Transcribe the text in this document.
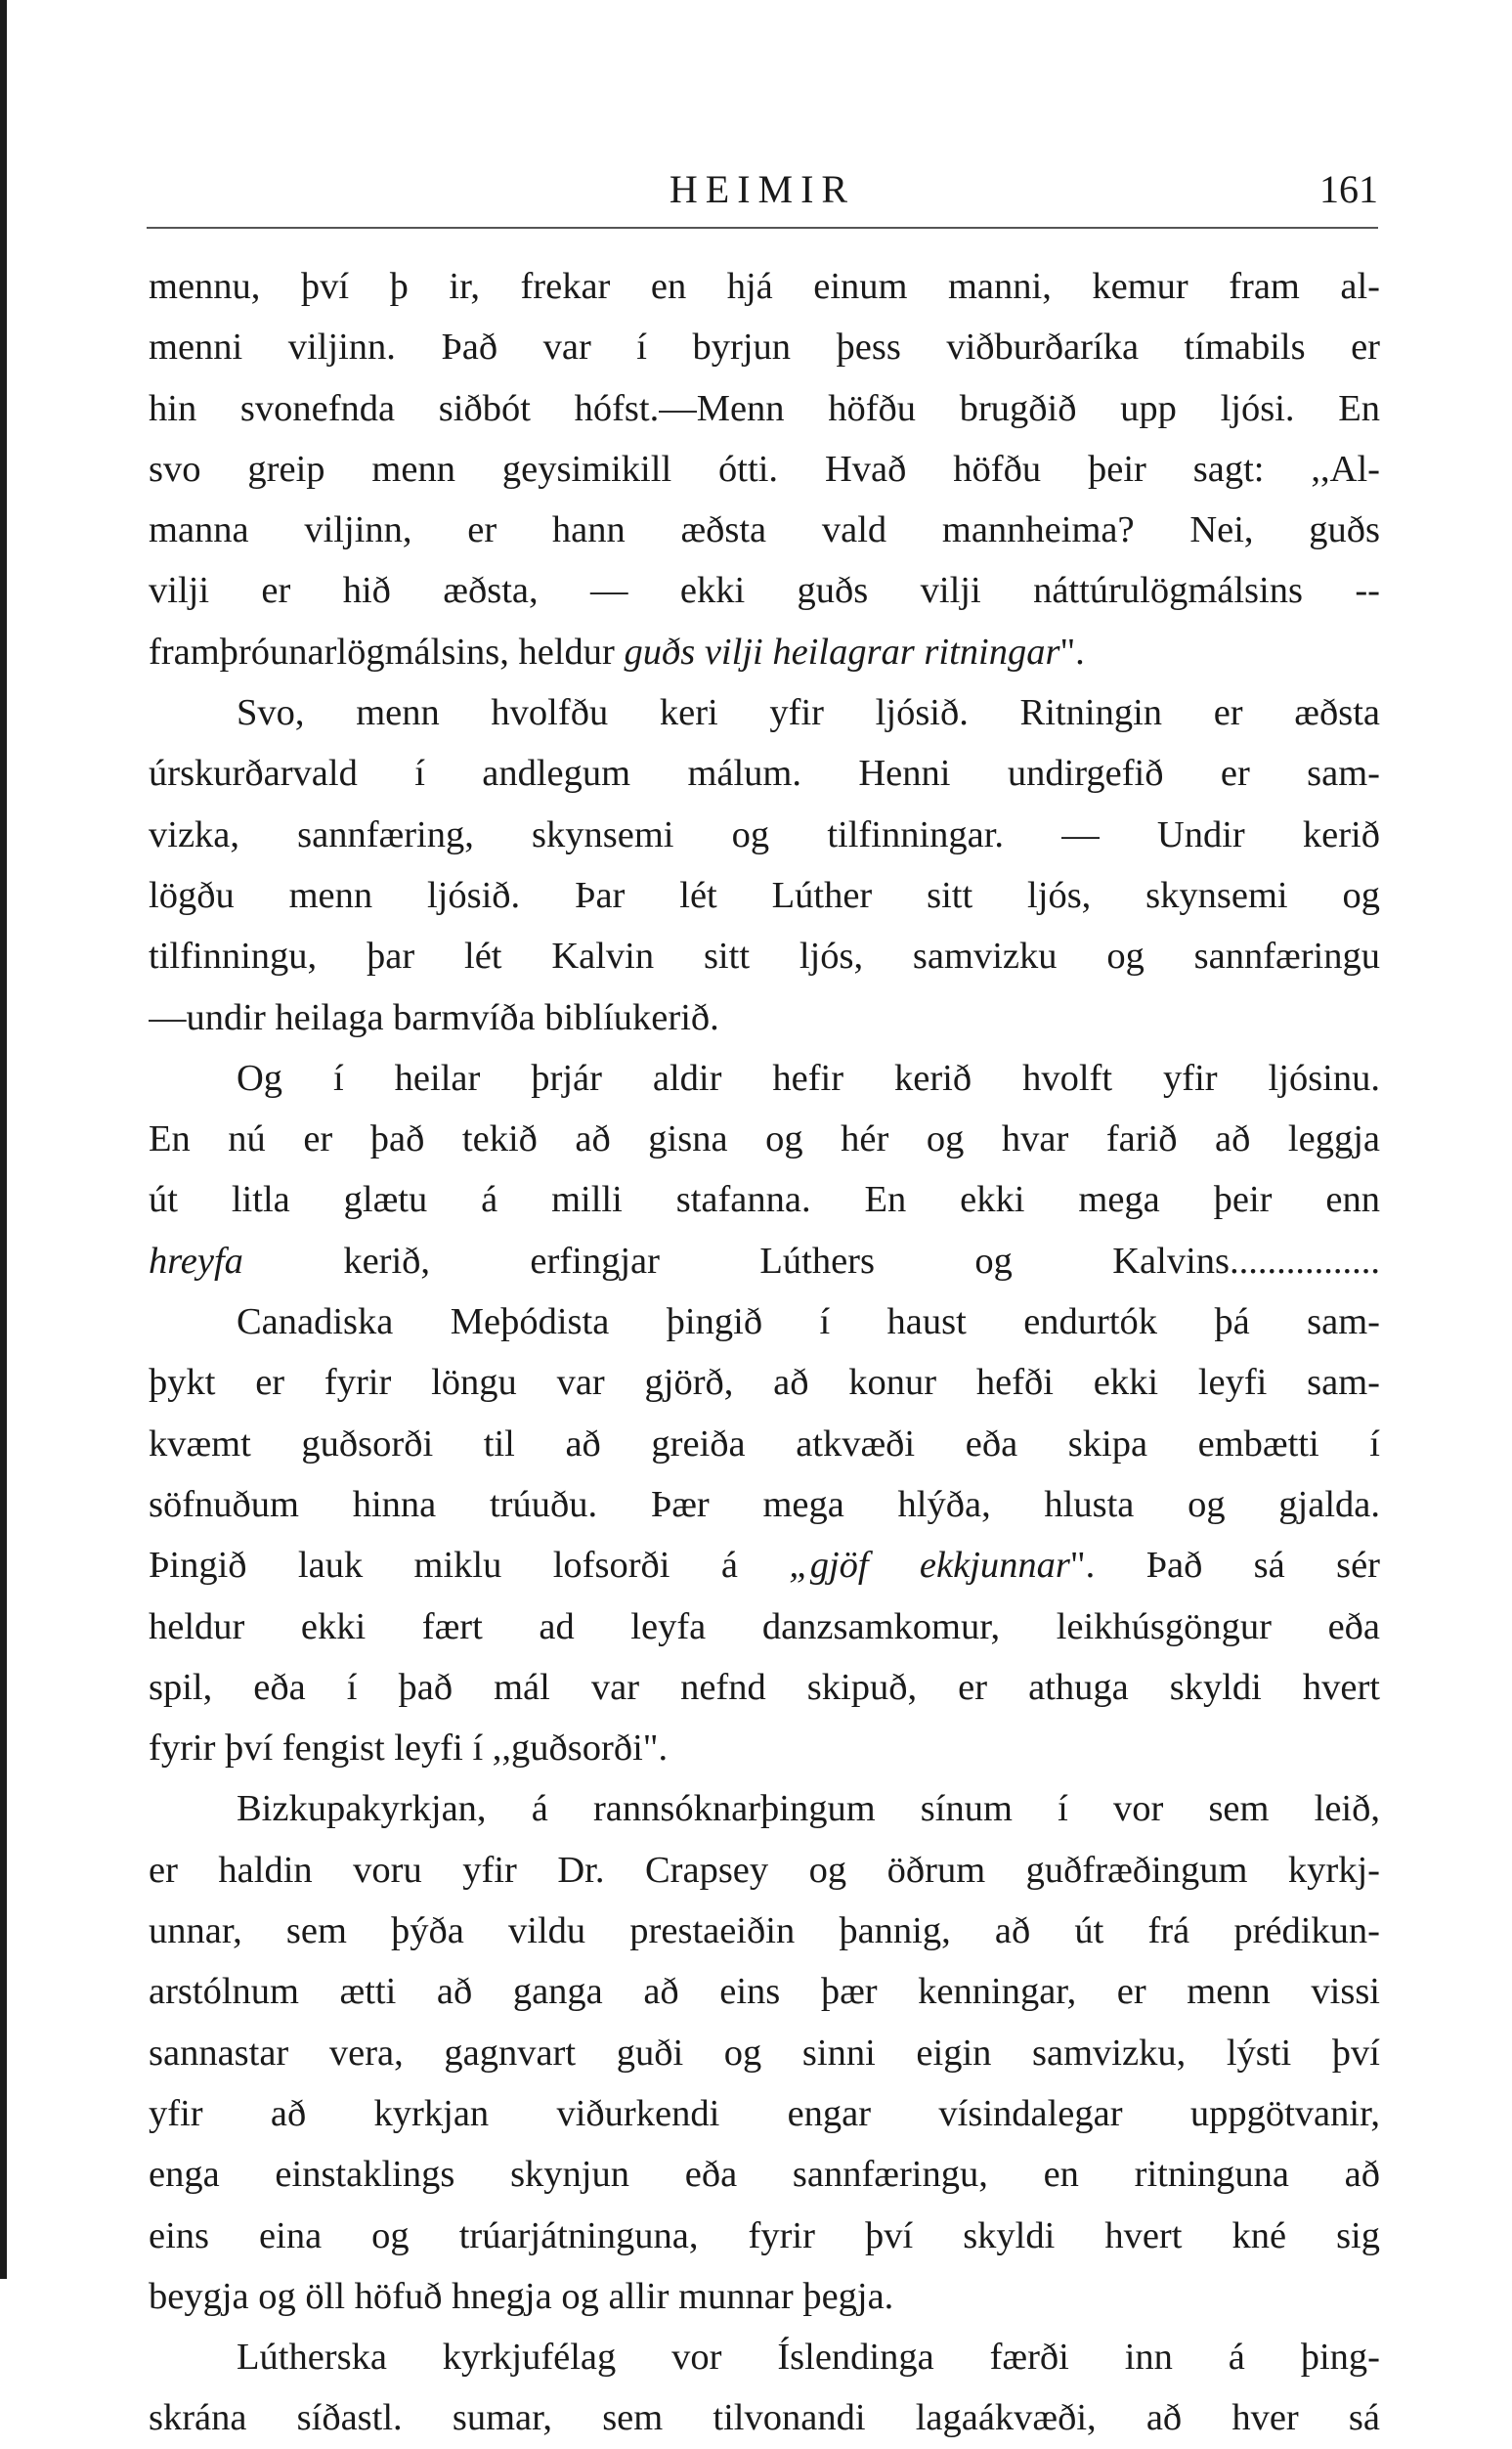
HEIMIR	161
mennu, því þ ir, frekar en hjá einum manni, kemur fram al-
menni viljinn. Það var í byrjun þess viðburðaríka tímabils er
hin svonefnda siðbót hófst.—Menn höfðu brugðið upp ljósi. En
svo greip menn geysimikill ótti. Hvað höfðu þeir sagt: ,,Al-
manna viljinn, er hann æðsta vald mannheima? Nei, guðs
vilji er hið æðsta, — ekki guðs vilji náttúrulögmálsins --
framþróunarlögmálsins, heldur guðs vilji heilagrar ritningar".
Svo, menn hvolfðu keri yfir ljósið. Ritningin er æðsta
úrskurðarvald í andlegum málum. Henni undirgefið er sam-
vizka, sannfæring, skynsemi og tilfinningar. — Undir kerið
lögðu menn ljósið. Þar lét Lúther sitt ljós, skynsemi og
tilfinningu, þar lét Kalvin sitt ljós, samvizku og sannfæringu
—undir heilaga barmvíða biblíukerið.
Og í heilar þrjár aldir hefir kerið hvolft yfir ljósinu.
En nú er það tekið að gisna og hér og hvar farið að leggja
út litla glætu á milli stafanna. En ekki mega þeir enn
hreyfa kerið, erfingjar Lúthers og Kalvins................
Canadiska Meþódista þingið í haust endurtók þá sam-
þykt er fyrir löngu var gjörð, að konur hefði ekki leyfi sam-
kvæmt guðsorði til að greiða atkvæði eða skipa embætti í
söfnuðum hinna trúuðu. Þær mega hlýða, hlusta og gjalda.
Þingið lauk miklu lofsorði á „gjöf ekkjunnar". Það sá sér
heldur ekki fært ad leyfa danzsamkomur, leikhúsgöngur eða
spil, eða í það mál var nefnd skipuð, er athuga skyldi hvert
fyrir því fengist leyfi í ,,guðsorði".
Bizkupakyrkjan, á rannsóknarþingum sínum í vor sem leið,
er haldin voru yfir Dr. Crapsey og öðrum guðfræðingum kyrkj-
unnar, sem þýða vildu prestaeiðin þannig, að út frá prédikun-
arstólnum ætti að ganga að eins þær kenningar, er menn vissi
sannastar vera, gagnvart guði og sinni eigin samvizku, lýsti því
yfir að kyrkjan viðurkendi engar vísindalegar uppgötvanir,
enga einstaklings skynjun eða sannfæringu, en ritninguna að
eins eina og trúarjátninguna, fyrir því skyldi hvert kné sig
beygja og öll höfuð hnegja og allir munnar þegja.
Lútherska kyrkjufélag vor Íslendinga færði inn á þing-
skrána síðastl. sumar, sem tilvonandi lagaákvæði, að hver sá
